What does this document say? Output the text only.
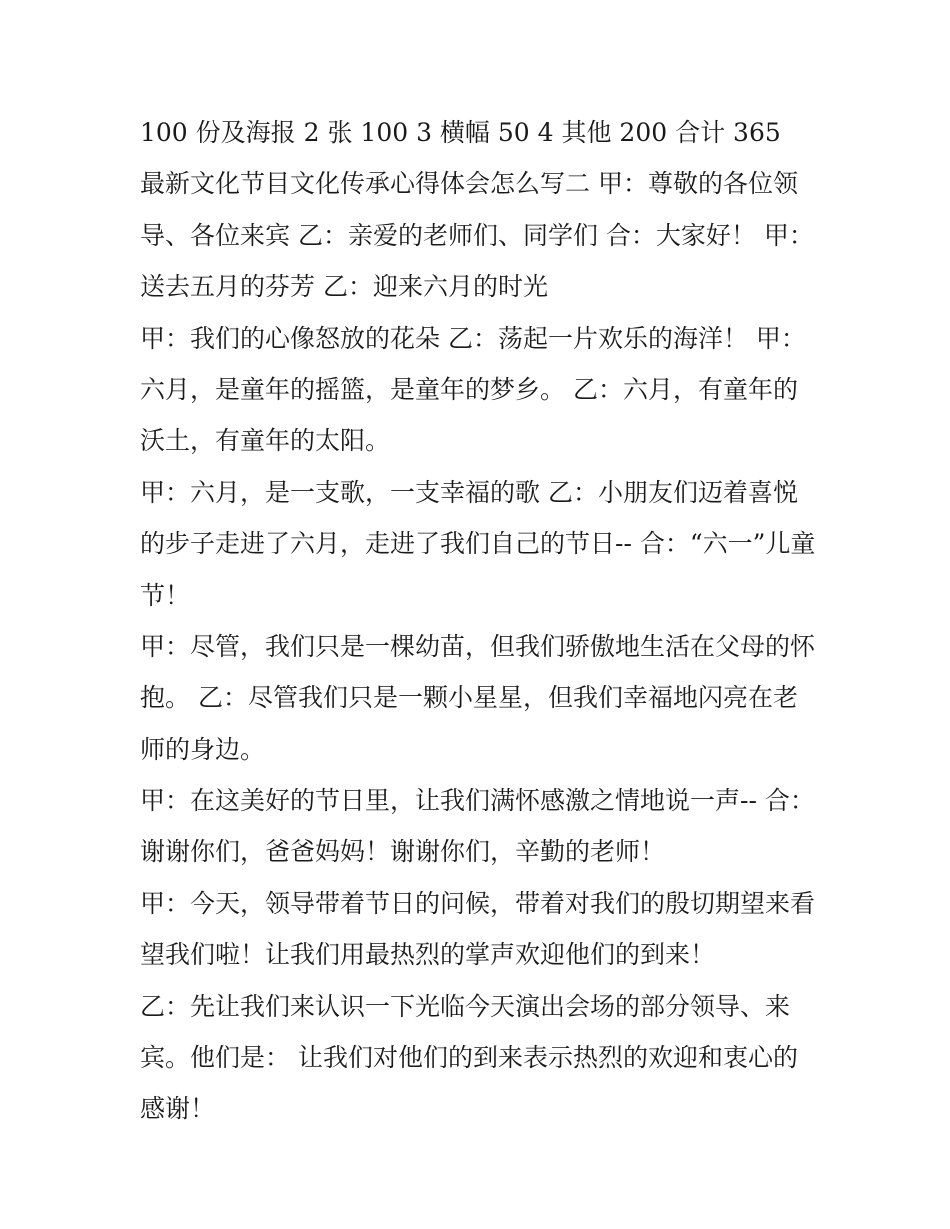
100 份及海报 2 张 100 3 横幅 50 4 其他 200 合计 365
最新文化节目文化传承心得体会怎么写二 甲：尊敬的各位领
导、各位来宾 乙：亲爱的老师们、同学们 合：大家好！ 甲：
送去五月的芬芳 乙：迎来六月的时光
甲：我们的心像怒放的花朵 乙：荡起一片欢乐的海洋！ 甲：
六月，是童年的摇篮，是童年的梦乡。 乙：六月，有童年的
沃土，有童年的太阳。
甲：六月，是一支歌，一支幸福的歌 乙：小朋友们迈着喜悦
的步子走进了六月，走进了我们自己的节日-- 合：“六一”儿童
节！
甲：尽管，我们只是一棵幼苗，但我们骄傲地生活在父母的怀
抱。 乙：尽管我们只是一颗小星星，但我们幸福地闪亮在老
师的身边。
甲：在这美好的节日里，让我们满怀感激之情地说一声-- 合：
谢谢你们，爸爸妈妈！谢谢你们，辛勤的老师！
甲：今天，领导带着节日的问候，带着对我们的殷切期望来看
望我们啦！让我们用最热烈的掌声欢迎他们的到来！
乙：先让我们来认识一下光临今天演出会场的部分领导、来
宾。他们是： 让我们对他们的到来表示热烈的欢迎和衷心的
感谢！
